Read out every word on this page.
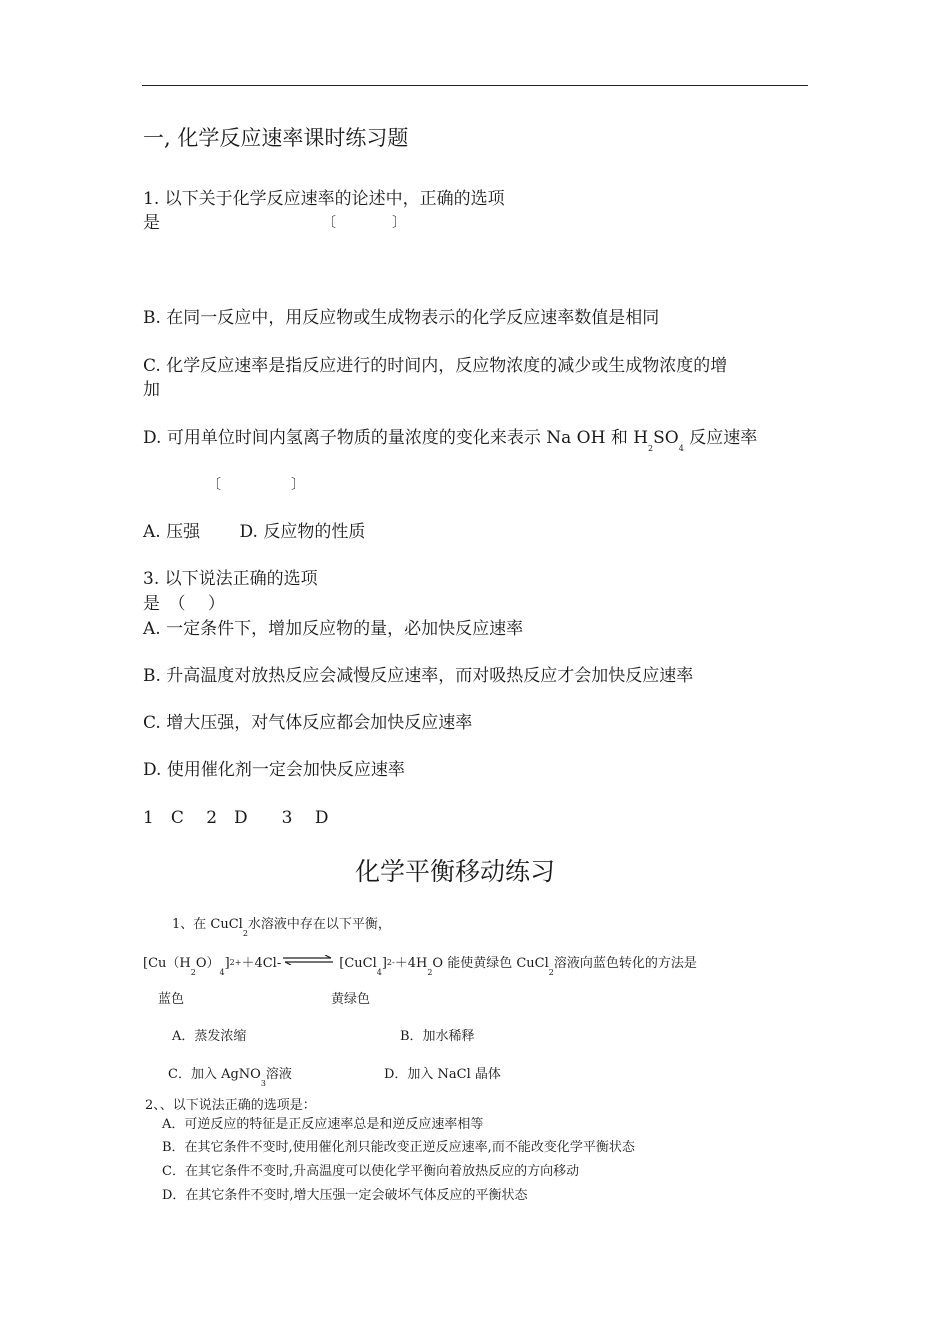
一, 化学反应速率课时练习题
1. 以下关于化学反应速率的论述中，正确的选项
是	〔　　　　〕
B. 在同一反应中，用反应物或生成物表示的化学反应速率数值是相同
C. 化学反应速率是指反应进行的时间内，反应物浓度的减少或生成物浓度的增
加
D. 可用单位时间内氢离子物质的量浓度的变化来表示 Na OH 和 $H_2SO_4$ 反应速率
〔　　　　　〕
A. 压强　　 D. 反应物的性质
3. 以下说法正确的选项
是　（　 ）
A. 一定条件下，增加反应物的量，必加快反应速率
B. 升高温度对放热反应会减慢反应速率，而对吸热反应才会加快反应速率
C. 增大压强，对气体反应都会加快反应速率
D. 使用催化剂一定会加快反应速率
1　C　 2　D　　3　 D
化学平衡移动练习
1、在 CuCl$_2$水溶液中存在以下平衡，
$[Cu(H_2O)_4]^{2+}+4Cl-$ ⇌ $[CuCl_4]^{2-}+4H_2O$ 能使黄绿色 CuCl$_2$溶液向蓝色转化的方法是
蓝色	黄绿色
A．蒸发浓缩	B．加水稀释
C．加入 AgNO$_3$溶液	D．加入 NaCl 晶体
2、、以下说法正确的选项是：
A．可逆反应的特征是正反应速率总是和逆反应速率相等
B．在其它条件不变时,使用催化剂只能改变正逆反应速率,而不能改变化学平衡状态
C．在其它条件不变时,升高温度可以使化学平衡向着放热反应的方向移动
D．在其它条件不变时,增大压强一定会破坏气体反应的平衡状态
